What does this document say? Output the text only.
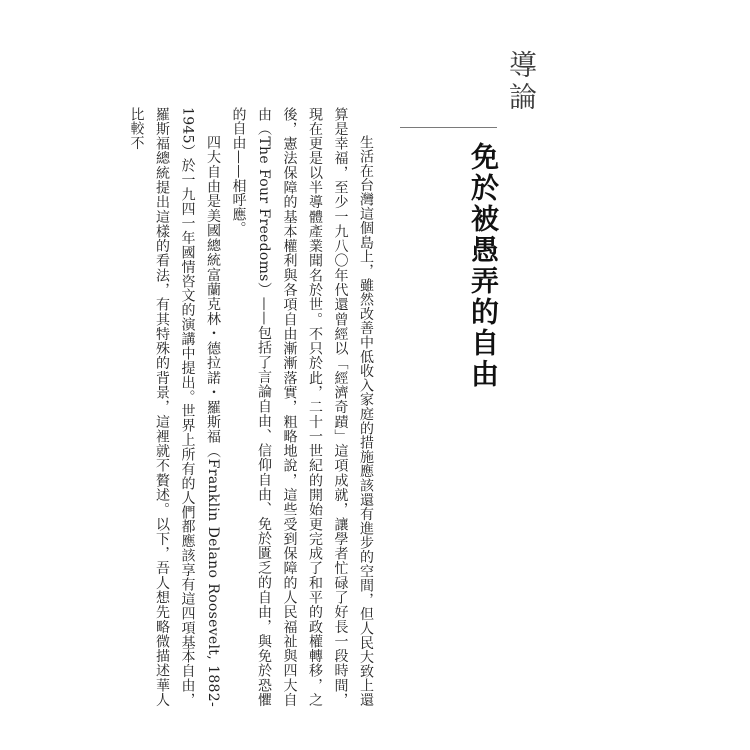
導論
免於被愚弄的自由

生活在台灣這個島上，雖然改善中低收入家庭的措施應該還有進步的空間，但人民大致上還算是幸福，至少一九八〇年代還曾經以「經濟奇蹟」這項成就，讓學者忙碌了好長一段時間，現在更是以半導體產業聞名於世。不只於此，二十一世紀的開始更完成了和平的政權轉移，之後，憲法保障的基本權利與各項自由漸漸落實，粗略地說，這些受到保障的人民福祉與四大自由（The Four Freedoms）——包括了言論自由、信仰自由、免於匱乏的自由，與免於恐懼的自由——相呼應。

四大自由是美國總統富蘭克林・德拉諾・羅斯福（Franklin Delano Roosevelt, 1882-1945）於一九四一年國情咨文的演講中提出。世界上所有的人們都應該享有這四項基本自由，羅斯福總統提出這樣的看法，有其特殊的背景，這裡就不贅述。以下，吾人想先略微描述華人比較不
